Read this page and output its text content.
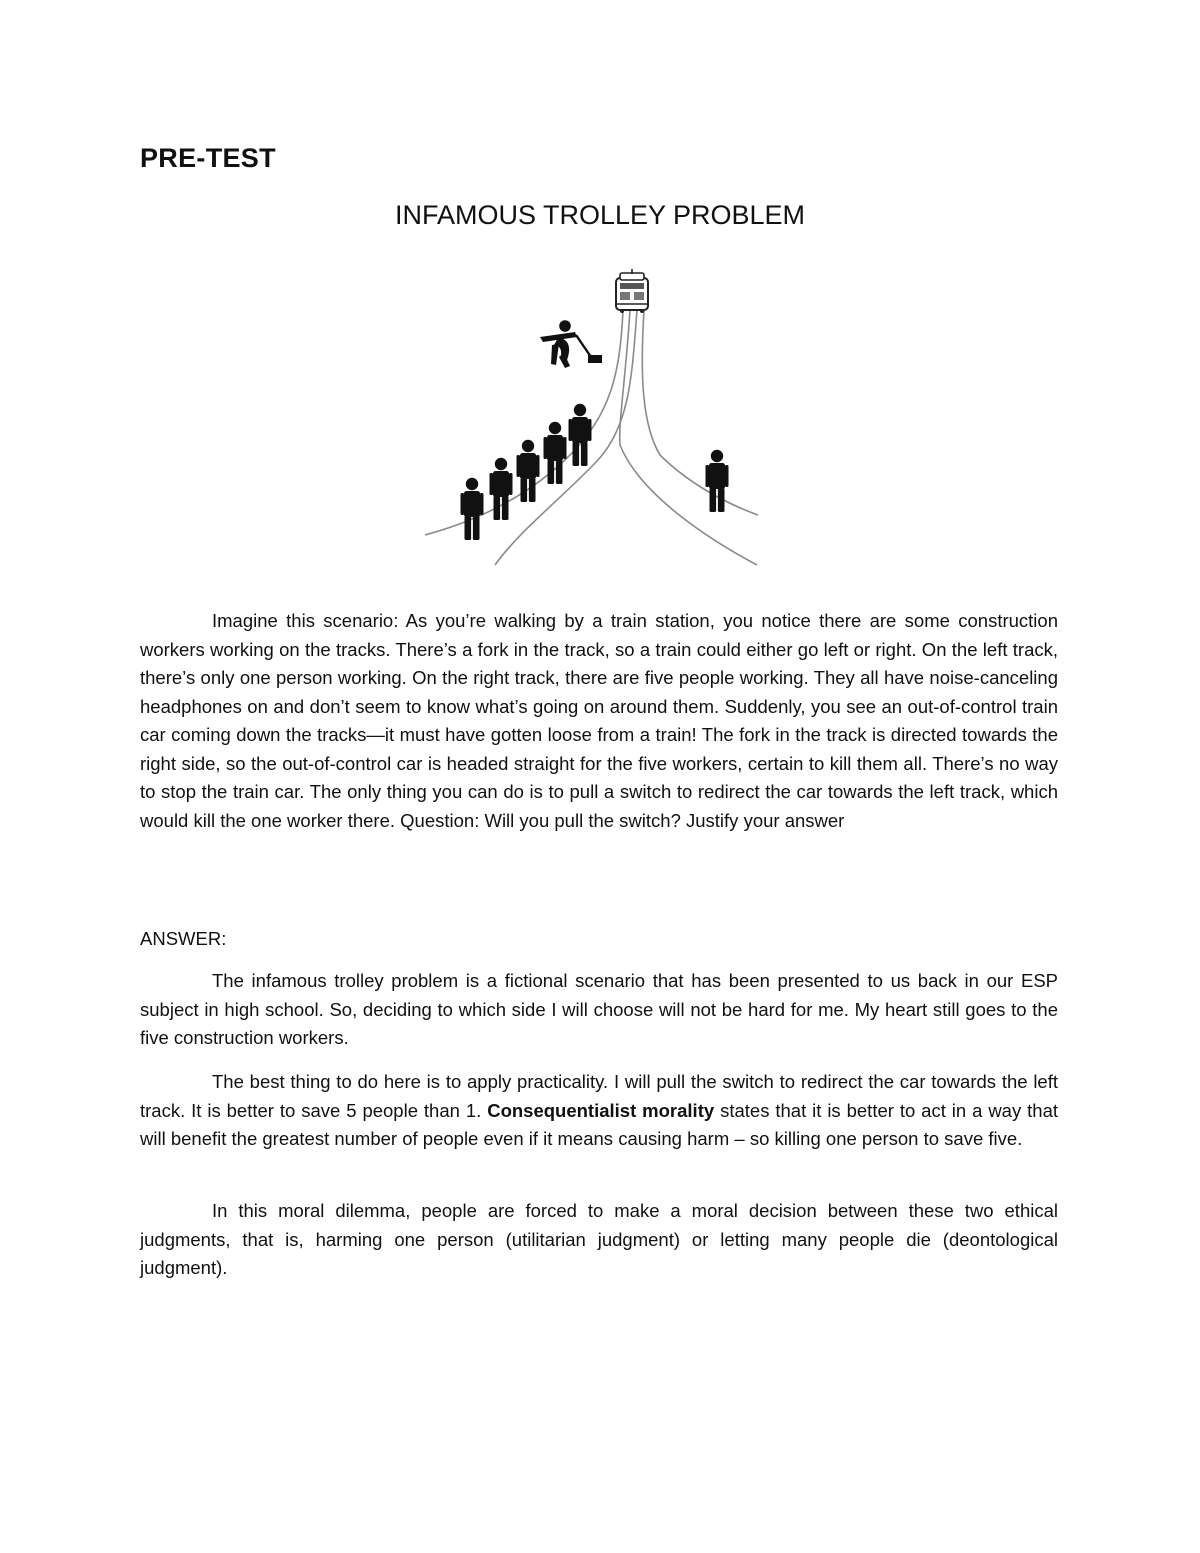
PRE-TEST
INFAMOUS TROLLEY PROBLEM

Imagine this scenario: As you’re walking by a train station, you notice there are some construction workers working on the tracks. There’s a fork in the track, so a train could either go left or right. On the left track, there’s only one person working. On the right track, there are five people working. They all have noise-canceling headphones on and don’t seem to know what’s going on around them. Suddenly, you see an out-of-control train car coming down the tracks—it must have gotten loose from a train! The fork in the track is directed towards the right side, so the out-of-control car is headed straight for the five workers, certain to kill them all. There’s no way to stop the train car. The only thing you can do is to pull a switch to redirect the car towards the left track, which would kill the one worker there. Question: Will you pull the switch? Justify your answer

ANSWER:

The infamous trolley problem is a fictional scenario that has been presented to us back in our ESP subject in high school. So, deciding to which side I will choose will not be hard for me. My heart still goes to the five construction workers.

The best thing to do here is to apply practicality. I will pull the switch to redirect the car towards the left track. It is better to save 5 people than 1. Consequentialist morality states that it is better to act in a way that will benefit the greatest number of people even if it means causing harm – so killing one person to save five.

In this moral dilemma, people are forced to make a moral decision between these two ethical judgments, that is, harming one person (utilitarian judgment) or letting many people die (deontological judgment).
